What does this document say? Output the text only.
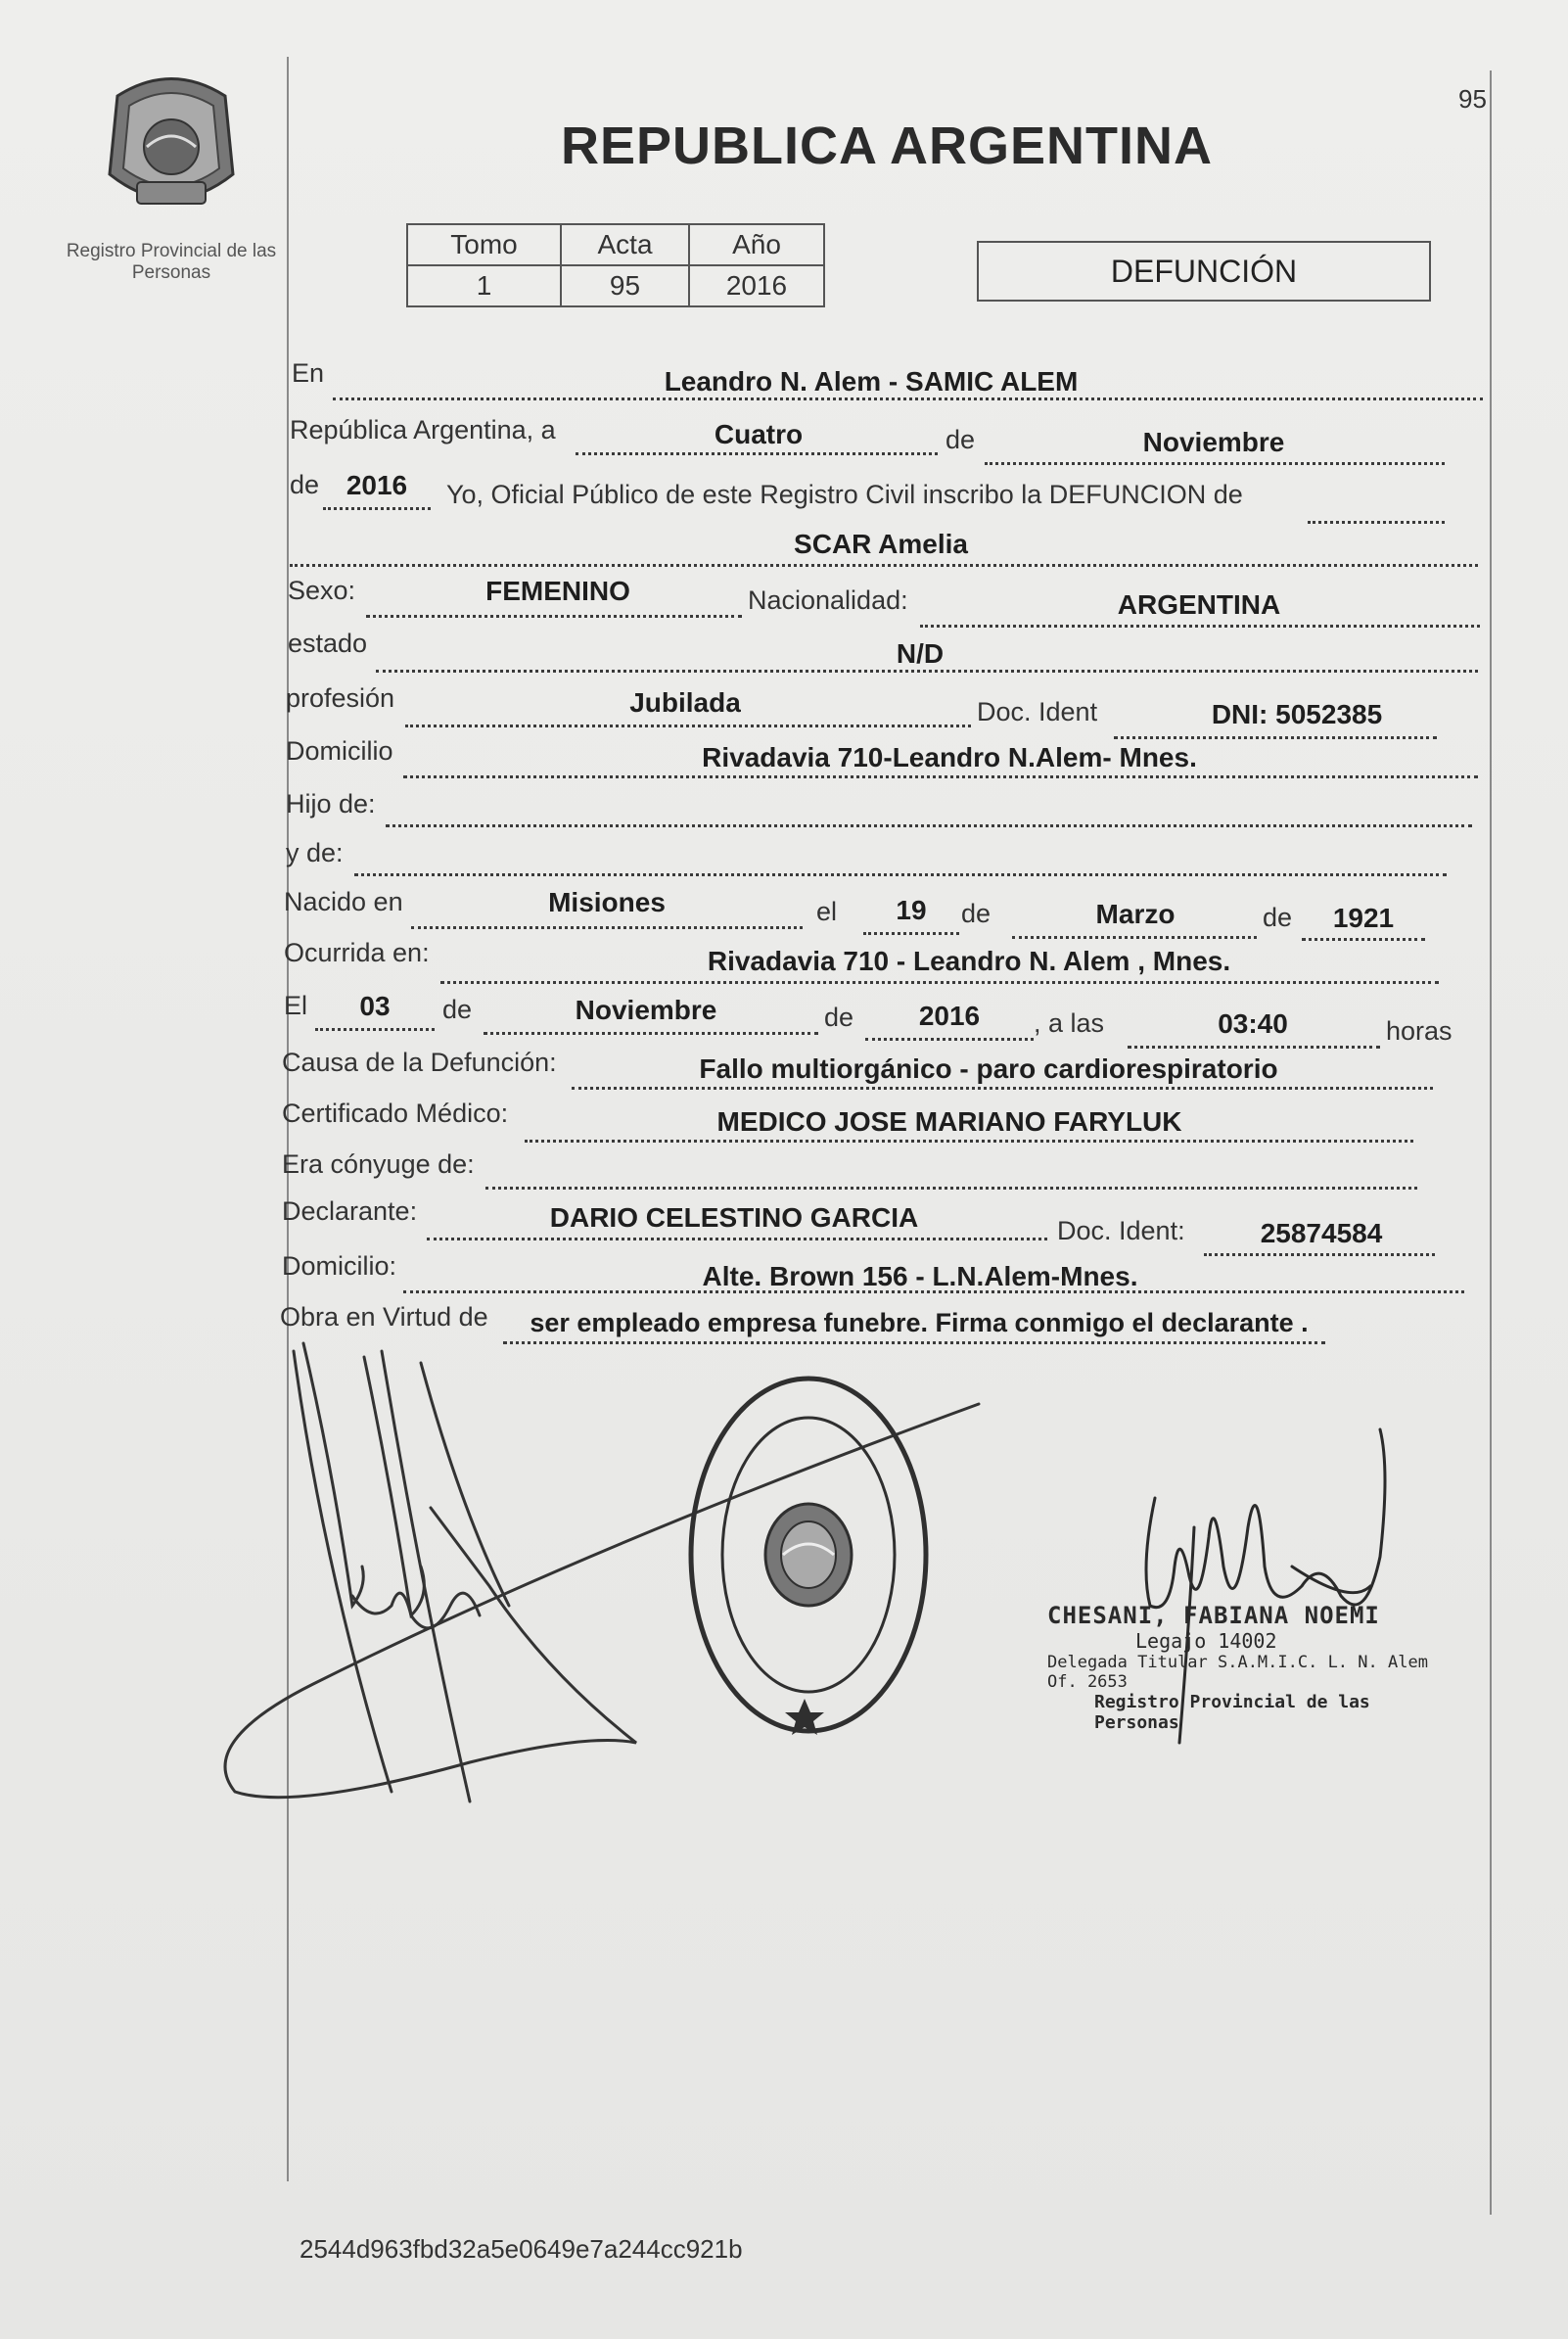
Registro Provincial de las Personas
95
REPUBLICA ARGENTINA
Tomo	Acta	Año
1	95	2016	DEFUNCIÓN
En	Leandro N. Alem - SAMIC ALEM
República Argentina, a	Cuatro	de	Noviembre
de 2016	Yo, Oficial Público de este Registro Civil inscribo la DEFUNCION de
SCAR Amelia
Sexo:	FEMENINO	Nacionalidad:	ARGENTINA
estado	N/D
profesión	Jubilada	Doc. Ident	DNI: 5052385
Domicilio	Rivadavia 710-Leandro N.Alem- Mnes.
Hijo de:
y de:
Nacido en	Misiones	el	19	de	Marzo	de	1921
Ocurrida en:	Rivadavia 710 - Leandro N. Alem , Mnes.
El	03	de	Noviembre	de	2016	, a las	03:40	horas
Causa de la Defunción:	Fallo multiorgánico - paro cardiorespiratorio
Certificado Médico:	MEDICO JOSE MARIANO FARYLUK
Era cónyuge de:
Declarante:	DARIO CELESTINO GARCIA	Doc. Ident:	25874584
Domicilio:	Alte. Brown 156 - L.N.Alem-Mnes.
Obra en Virtud de	ser empleado empresa funebre. Firma conmigo el declarante .
CHESANI, FABIANA NOEMI
Legajo 14002
Delegada Titular S.A.M.I.C. L. N. Alem Of. 2653
Registro Provincial de las Personas
2544d963fbd32a5e0649e7a244cc921b
